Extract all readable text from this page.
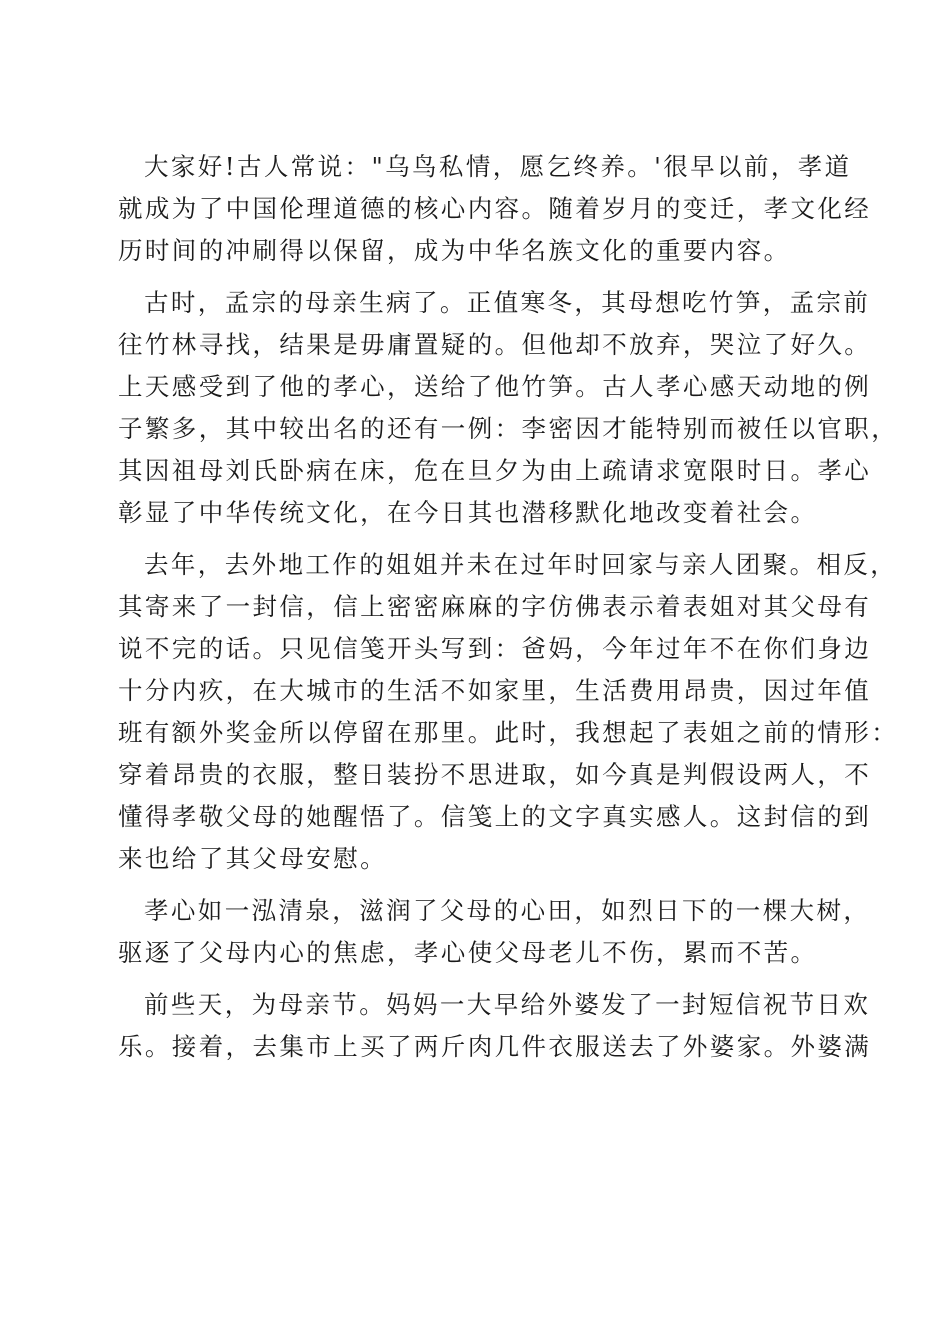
大家好!古人常说："乌鸟私情，愿乞终养。'很早以前，孝道
就成为了中国伦理道德的核心内容。随着岁月的变迁，孝文化经
历时间的冲刷得以保留，成为中华名族文化的重要内容。
古时，孟宗的母亲生病了。正值寒冬，其母想吃竹笋，孟宗前
往竹林寻找，结果是毋庸置疑的。但他却不放弃，哭泣了好久。
上天感受到了他的孝心，送给了他竹笋。古人孝心感天动地的例
子繁多，其中较出名的还有一例：李密因才能特别而被任以官职，
其因祖母刘氏卧病在床，危在旦夕为由上疏请求宽限时日。孝心
彰显了中华传统文化，在今日其也潜移默化地改变着社会。
去年，去外地工作的姐姐并未在过年时回家与亲人团聚。相反，
其寄来了一封信，信上密密麻麻的字仿佛表示着表姐对其父母有
说不完的话。只见信笺开头写到：爸妈，今年过年不在你们身边
十分内疚，在大城市的生活不如家里，生活费用昂贵，因过年值
班有额外奖金所以停留在那里。此时，我想起了表姐之前的情形：
穿着昂贵的衣服，整日装扮不思进取，如今真是判假设两人，不
懂得孝敬父母的她醒悟了。信笺上的文字真实感人。这封信的到
来也给了其父母安慰。
孝心如一泓清泉，滋润了父母的心田，如烈日下的一棵大树，
驱逐了父母内心的焦虑，孝心使父母老儿不伤，累而不苦。
前些天，为母亲节。妈妈一大早给外婆发了一封短信祝节日欢
乐。接着，去集市上买了两斤肉几件衣服送去了外婆家。外婆满
